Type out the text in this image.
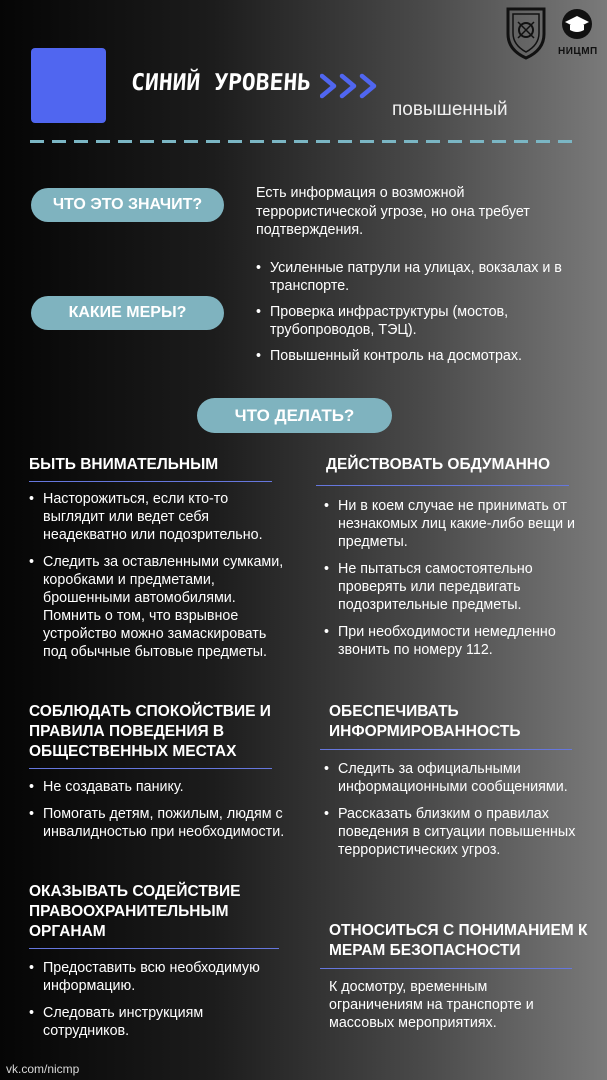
СИНИЙ УРОВЕНЬ
повышенный
НИЦМП
ЧТО ЭТО ЗНАЧИТ?
Есть информация о возможной террористической угрозе, но она требует подтверждения.
КАКИЕ МЕРЫ?
• Усиленные патрули на улицах, вокзалах и в транспорте.
• Проверка инфраструктуры (мостов, трубопроводов, ТЭЦ).
• Повышенный контроль на досмотрах.
ЧТО ДЕЛАТЬ?
БЫТЬ ВНИМАТЕЛЬНЫМ
• Насторожиться, если кто-то выглядит или ведет себя неадекватно или подозрительно.
• Следить за оставленными сумками, коробками и предметами, брошенными автомобилями. Помнить о том, что взрывное устройство можно замаскировать под обычные бытовые предметы.
СОБЛЮДАТЬ СПОКОЙСТВИЕ И ПРАВИЛА ПОВЕДЕНИЯ В ОБЩЕСТВЕННЫХ МЕСТАХ
• Не создавать панику.
• Помогать детям, пожилым, людям с инвалидностью при необходимости.
ОКАЗЫВАТЬ СОДЕЙСТВИЕ ПРАВООХРАНИТЕЛЬНЫМ ОРГАНАМ
• Предоставить всю необходимую информацию.
• Следовать инструкциям сотрудников.
ДЕЙСТВОВАТЬ ОБДУМАННО
• Ни в коем случае не принимать от незнакомых лиц какие-либо вещи и предметы.
• Не пытаться самостоятельно проверять или передвигать подозрительные предметы.
• При необходимости немедленно звонить по номеру 112.
ОБЕСПЕЧИВАТЬ ИНФОРМИРОВАННОСТЬ
• Следить за официальными информационными сообщениями.
• Рассказать близким о правилах поведения в ситуации повышенных террористических угроз.
ОТНОСИТЬСЯ С ПОНИМАНИЕМ К МЕРАМ БЕЗОПАСНОСТИ
К досмотру, временным ограничениям на транспорте и массовых мероприятиях.
vk.com/nicmp
